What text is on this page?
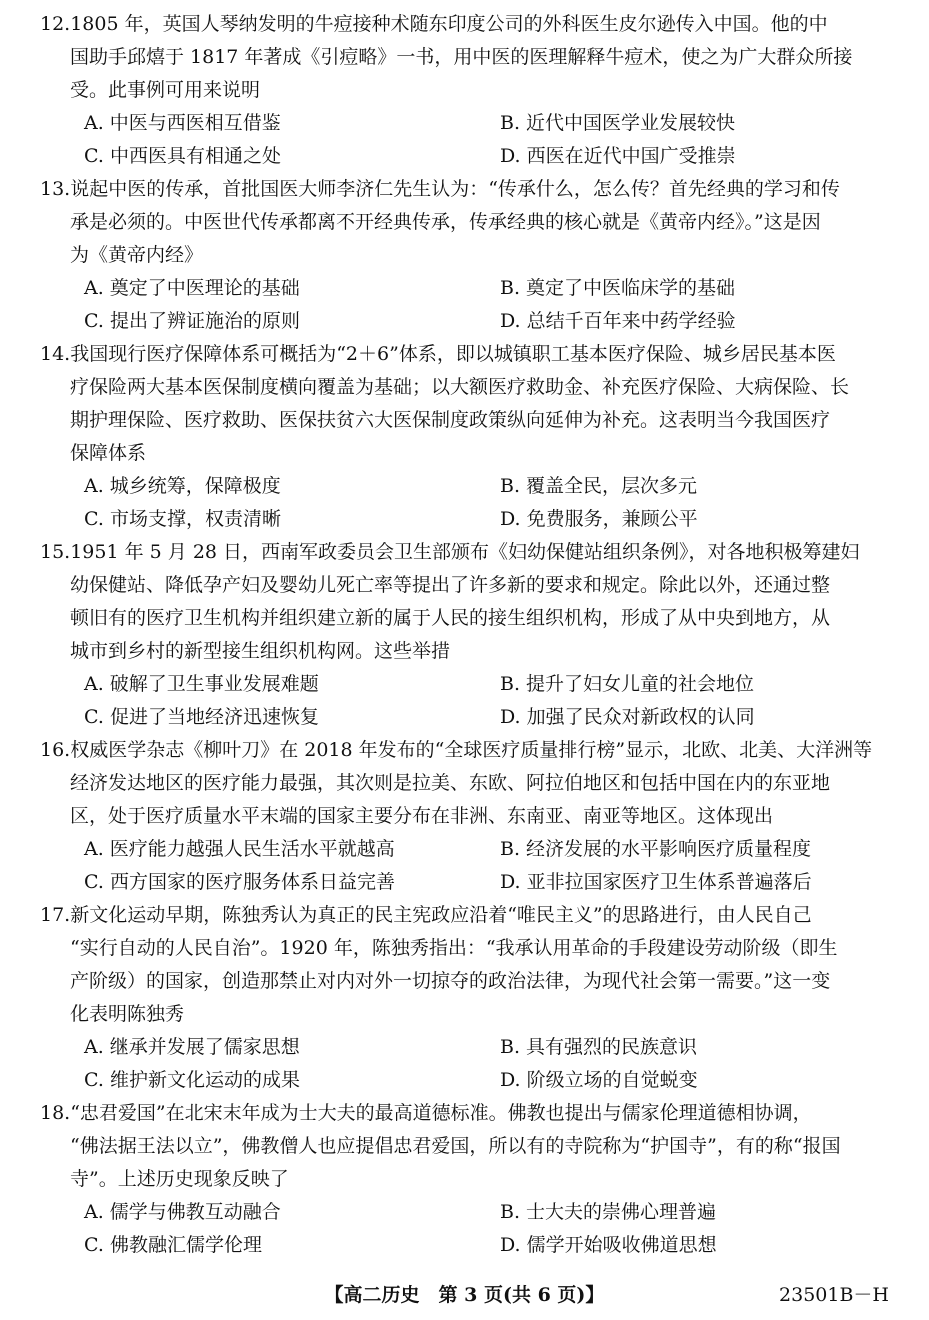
12.1805 年，英国人琴纳发明的牛痘接种术随东印度公司的外科医生皮尔逊传入中国。他的中
国助手邱熺于 1817 年著成《引痘略》一书，用中医的医理解释牛痘术，使之为广大群众所接
受。此事例可用来说明
A. 中医与西医相互借鉴	B. 近代中国医学业发展较快
C. 中西医具有相通之处	D. 西医在近代中国广受推崇
13.说起中医的传承，首批国医大师李济仁先生认为：“传承什么，怎么传？首先经典的学习和传
承是必须的。中医世代传承都离不开经典传承，传承经典的核心就是《黄帝内经》。”这是因
为《黄帝内经》
A. 奠定了中医理论的基础	B. 奠定了中医临床学的基础
C. 提出了辨证施治的原则	D. 总结千百年来中药学经验
14.我国现行医疗保障体系可概括为“2＋6”体系，即以城镇职工基本医疗保险、城乡居民基本医
疗保险两大基本医保制度横向覆盖为基础；以大额医疗救助金、补充医疗保险、大病保险、长
期护理保险、医疗救助、医保扶贫六大医保制度政策纵向延伸为补充。这表明当今我国医疗
保障体系
A. 城乡统筹，保障极度	B. 覆盖全民，层次多元
C. 市场支撑，权责清晰	D. 免费服务，兼顾公平
15.1951 年 5 月 28 日，西南军政委员会卫生部颁布《妇幼保健站组织条例》，对各地积极筹建妇
幼保健站、降低孕产妇及婴幼儿死亡率等提出了许多新的要求和规定。除此以外，还通过整
顿旧有的医疗卫生机构并组织建立新的属于人民的接生组织机构，形成了从中央到地方，从
城市到乡村的新型接生组织机构网。这些举措
A. 破解了卫生事业发展难题	B. 提升了妇女儿童的社会地位
C. 促进了当地经济迅速恢复	D. 加强了民众对新政权的认同
16.权威医学杂志《柳叶刀》在 2018 年发布的“全球医疗质量排行榜”显示，北欧、北美、大洋洲等
经济发达地区的医疗能力最强，其次则是拉美、东欧、阿拉伯地区和包括中国在内的东亚地
区，处于医疗质量水平末端的国家主要分布在非洲、东南亚、南亚等地区。这体现出
A. 医疗能力越强人民生活水平就越高	B. 经济发展的水平影响医疗质量程度
C. 西方国家的医疗服务体系日益完善	D. 亚非拉国家医疗卫生体系普遍落后
17.新文化运动早期，陈独秀认为真正的民主宪政应沿着“唯民主义”的思路进行，由人民自己
“实行自动的人民自治”。1920 年，陈独秀指出：“我承认用革命的手段建设劳动阶级（即生
产阶级）的国家，创造那禁止对内对外一切掠夺的政治法律，为现代社会第一需要。”这一变
化表明陈独秀
A. 继承并发展了儒家思想	B. 具有强烈的民族意识
C. 维护新文化运动的成果	D. 阶级立场的自觉蜕变
18.“忠君爱国”在北宋末年成为士大夫的最高道德标准。佛教也提出与儒家伦理道德相协调，
“佛法据王法以立”，佛教僧人也应提倡忠君爱国，所以有的寺院称为“护国寺”，有的称“报国
寺”。上述历史现象反映了
A. 儒学与佛教互动融合	B. 士大夫的崇佛心理普遍
C. 佛教融汇儒学伦理	D. 儒学开始吸收佛道思想
【高二历史　第 3 页(共 6 页)】	23501B－H
